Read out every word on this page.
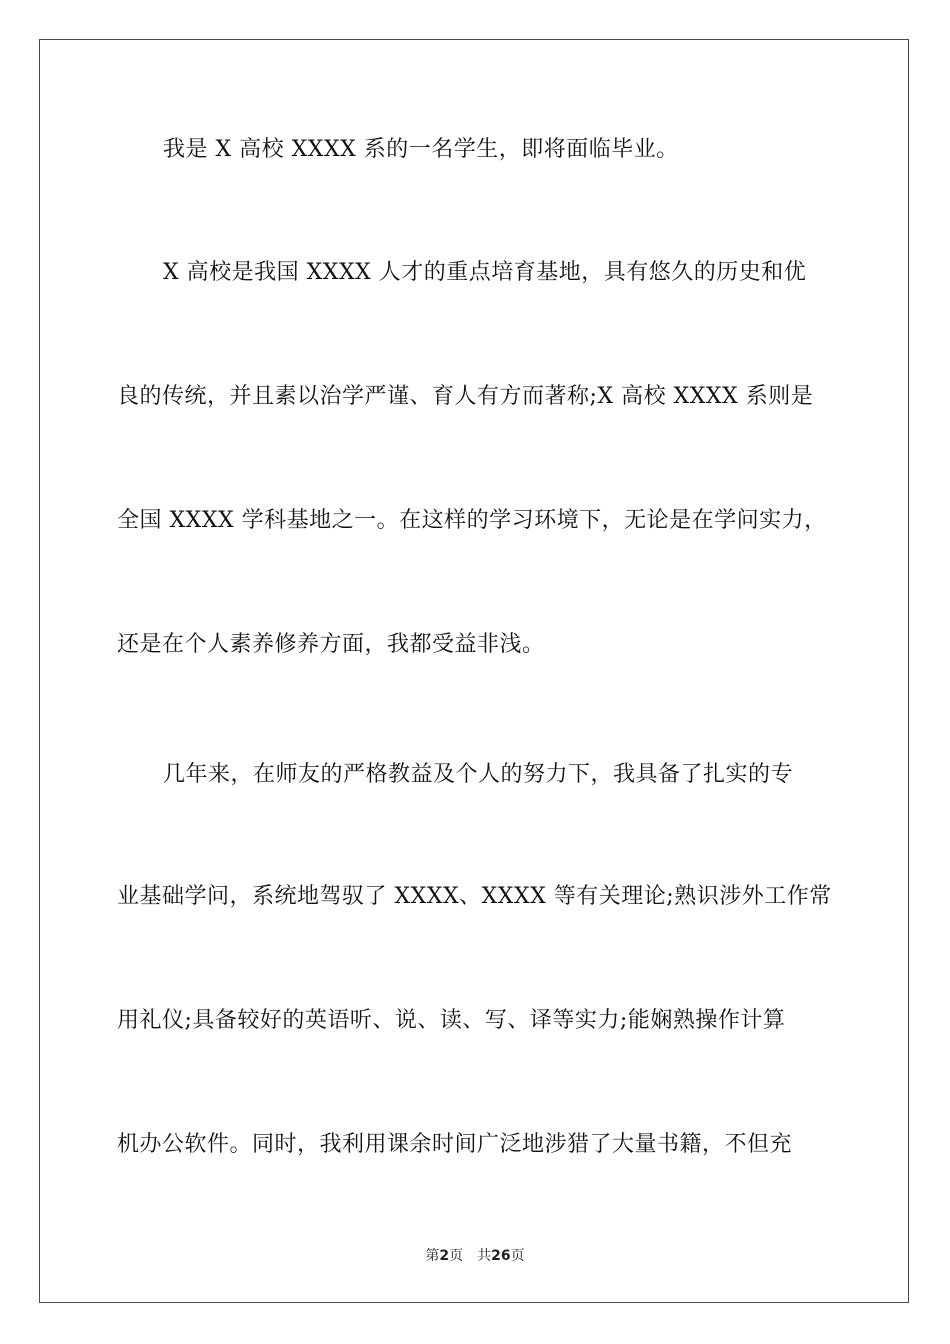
我是 X 高校 XXXX 系的一名学生，即将面临毕业。
X 高校是我国 XXXX 人才的重点培育基地，具有悠久的历史和优
良的传统，并且素以治学严谨、育人有方而著称;X 高校 XXXX 系则是
全国 XXXX 学科基地之一。在这样的学习环境下，无论是在学问实力，
还是在个人素养修养方面，我都受益非浅。
几年来，在师友的严格教益及个人的努力下，我具备了扎实的专
业基础学问，系统地驾驭了 XXXX、XXXX 等有关理论;熟识涉外工作常
用礼仪;具备较好的英语听、说、读、写、译等实力;能娴熟操作计算
机办公软件。同时，我利用课余时间广泛地涉猎了大量书籍，不但充
第2页 共26页
